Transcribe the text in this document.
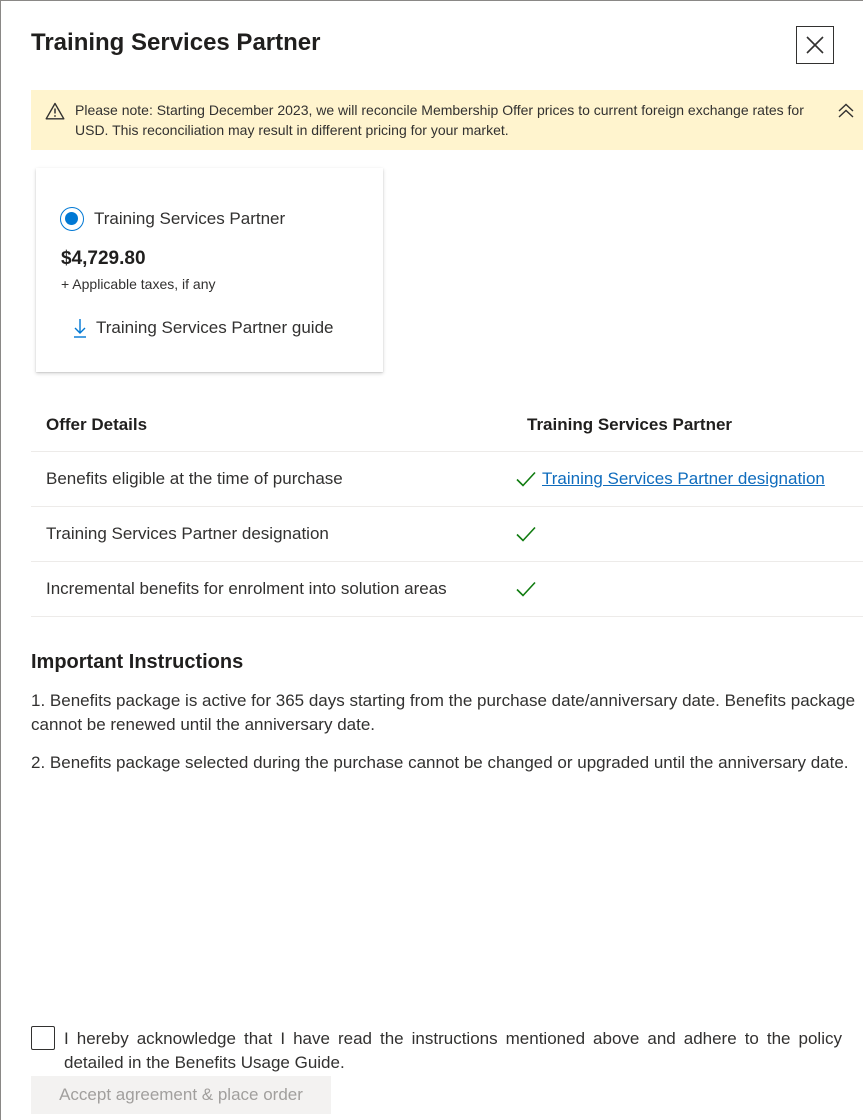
Training Services Partner
Please note: Starting December 2023, we will reconcile Membership Offer prices to current foreign exchange rates for USD. This reconciliation may result in different pricing for your market.
Training Services Partner
$4,729.80
+ Applicable taxes, if any
Training Services Partner guide
Offer Details	Training Services Partner
Benefits eligible at the time of purchase	Training Services Partner designation
Training Services Partner designation
Incremental benefits for enrolment into solution areas
Important Instructions
1. Benefits package is active for 365 days starting from the purchase date/anniversary date. Benefits package cannot be renewed until the anniversary date.
2. Benefits package selected during the purchase cannot be changed or upgraded until the anniversary date.
I hereby acknowledge that I have read the instructions mentioned above and adhere to the policy detailed in the Benefits Usage Guide.
Accept agreement & place order
